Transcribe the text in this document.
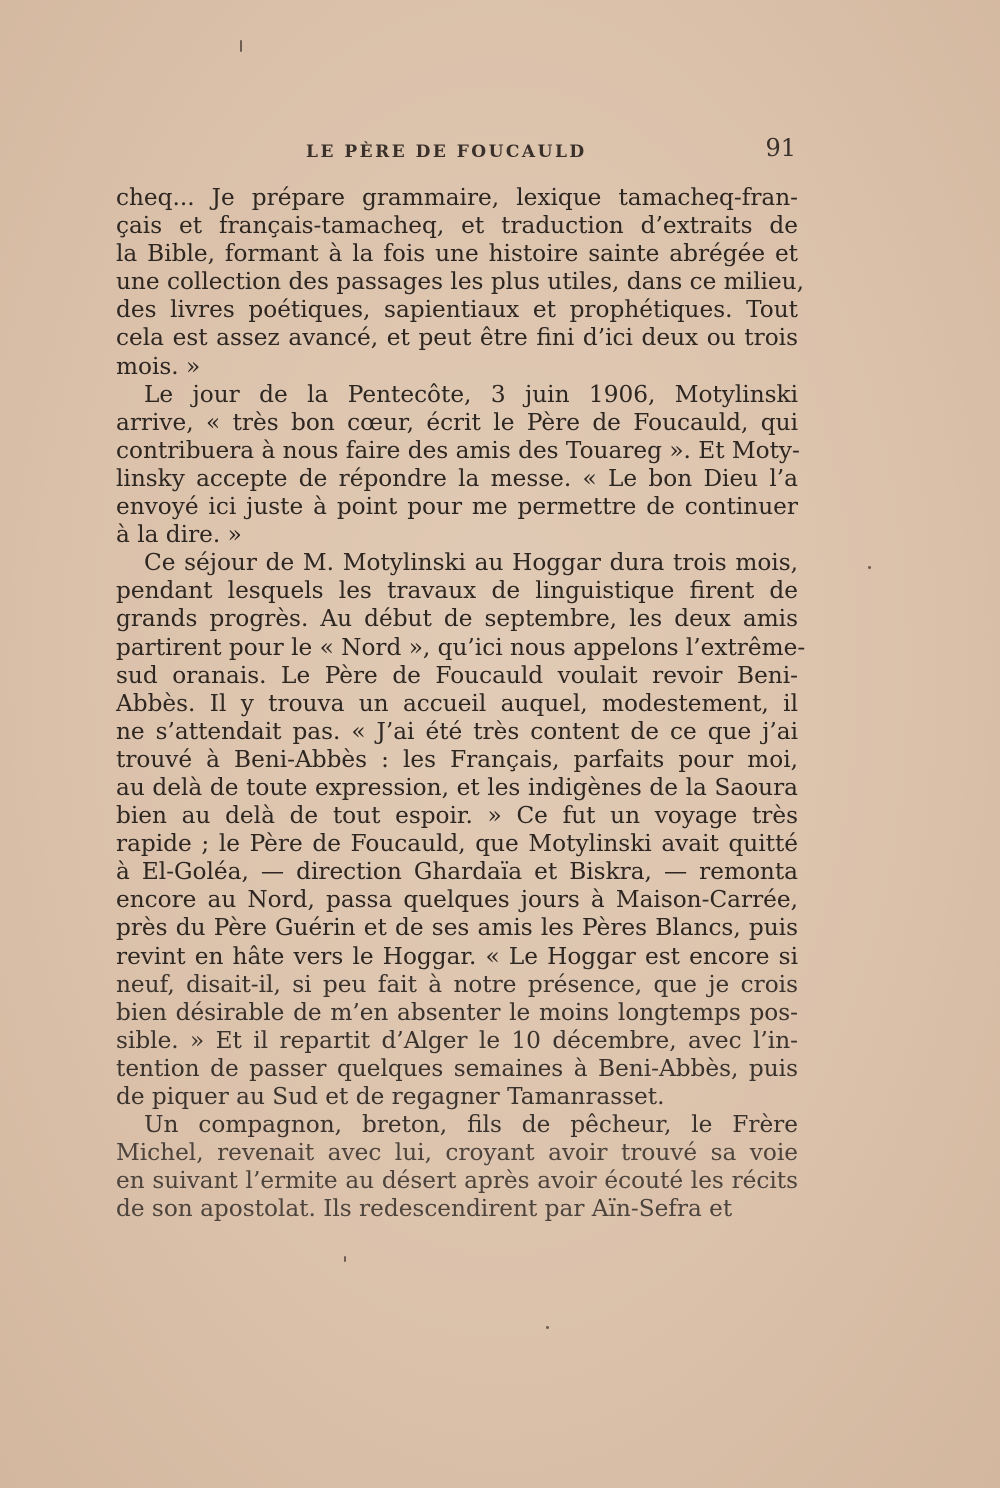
LE PÈRE DE FOUCAULD	91
cheq... Je prépare grammaire, lexique tamacheq-fran-
çais et français-tamacheq, et traduction d’extraits de
la Bible, formant à la fois une histoire sainte abrégée et
une collection des passages les plus utiles, dans ce milieu,
des livres poétiques, sapientiaux et prophétiques. Tout
cela est assez avancé, et peut être fini d’ici deux ou trois
mois. »
Le jour de la Pentecôte, 3 juin 1906, Motylinski
arrive, « très bon cœur, écrit le Père de Foucauld, qui
contribuera à nous faire des amis des Touareg ». Et Moty-
linsky accepte de répondre la messe. « Le bon Dieu l’a
envoyé ici juste à point pour me permettre de continuer
à la dire. »
Ce séjour de M. Motylinski au Hoggar dura trois mois,
pendant lesquels les travaux de linguistique firent de
grands progrès. Au début de septembre, les deux amis
partirent pour le « Nord », qu’ici nous appelons l’extrême-
sud oranais. Le Père de Foucauld voulait revoir Beni-
Abbès. Il y trouva un accueil auquel, modestement, il
ne s’attendait pas. « J’ai été très content de ce que j’ai
trouvé à Beni-Abbès : les Français, parfaits pour moi,
au delà de toute expression, et les indigènes de la Saoura
bien au delà de tout espoir. » Ce fut un voyage très
rapide ; le Père de Foucauld, que Motylinski avait quitté
à El-Goléa, — direction Ghardaïa et Biskra, — remonta
encore au Nord, passa quelques jours à Maison-Carrée,
près du Père Guérin et de ses amis les Pères Blancs, puis
revint en hâte vers le Hoggar. « Le Hoggar est encore si
neuf, disait-il, si peu fait à notre présence, que je crois
bien désirable de m’en absenter le moins longtemps pos-
sible. » Et il repartit d’Alger le 10 décembre, avec l’in-
tention de passer quelques semaines à Beni-Abbès, puis
de piquer au Sud et de regagner Tamanrasset.
Un compagnon, breton, fils de pêcheur, le Frère
Michel, revenait avec lui, croyant avoir trouvé sa voie
en suivant l’ermite au désert après avoir écouté les récits
de son apostolat. Ils redescendirent par Aïn-Sefra et
